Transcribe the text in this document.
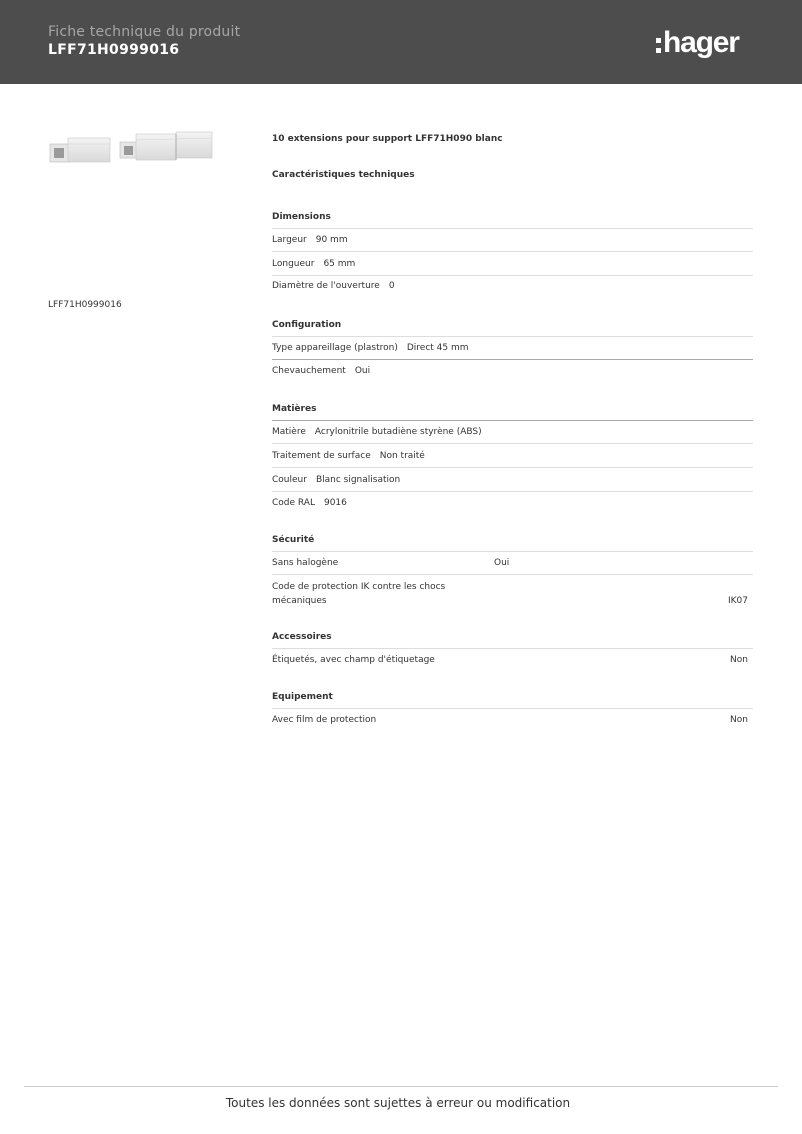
Fiche technique du produit
LFF71H0999016	hager
LFF71H0999016
10 extensions pour support LFF71H090 blanc
Caractéristiques techniques
Dimensions
Largeur 90 mm
Longueur 65 mm
Diamètre de l'ouverture 0
Configuration
Type appareillage (plastron) Direct 45 mm
Chevauchement Oui
Matières
Matière Acrylonitrile butadiène styrène (ABS)
Traitement de surface Non traité
Couleur Blanc signalisation
Code RAL 9016
Sécurité
Sans halogène	Oui
Code de protection IK contre les chocs
mécaniques	IK07
Accessoires
Étiquetés, avec champ d'étiquetage	Non
Equipement
Avec film de protection	Non
Toutes les données sont sujettes à erreur ou modification
